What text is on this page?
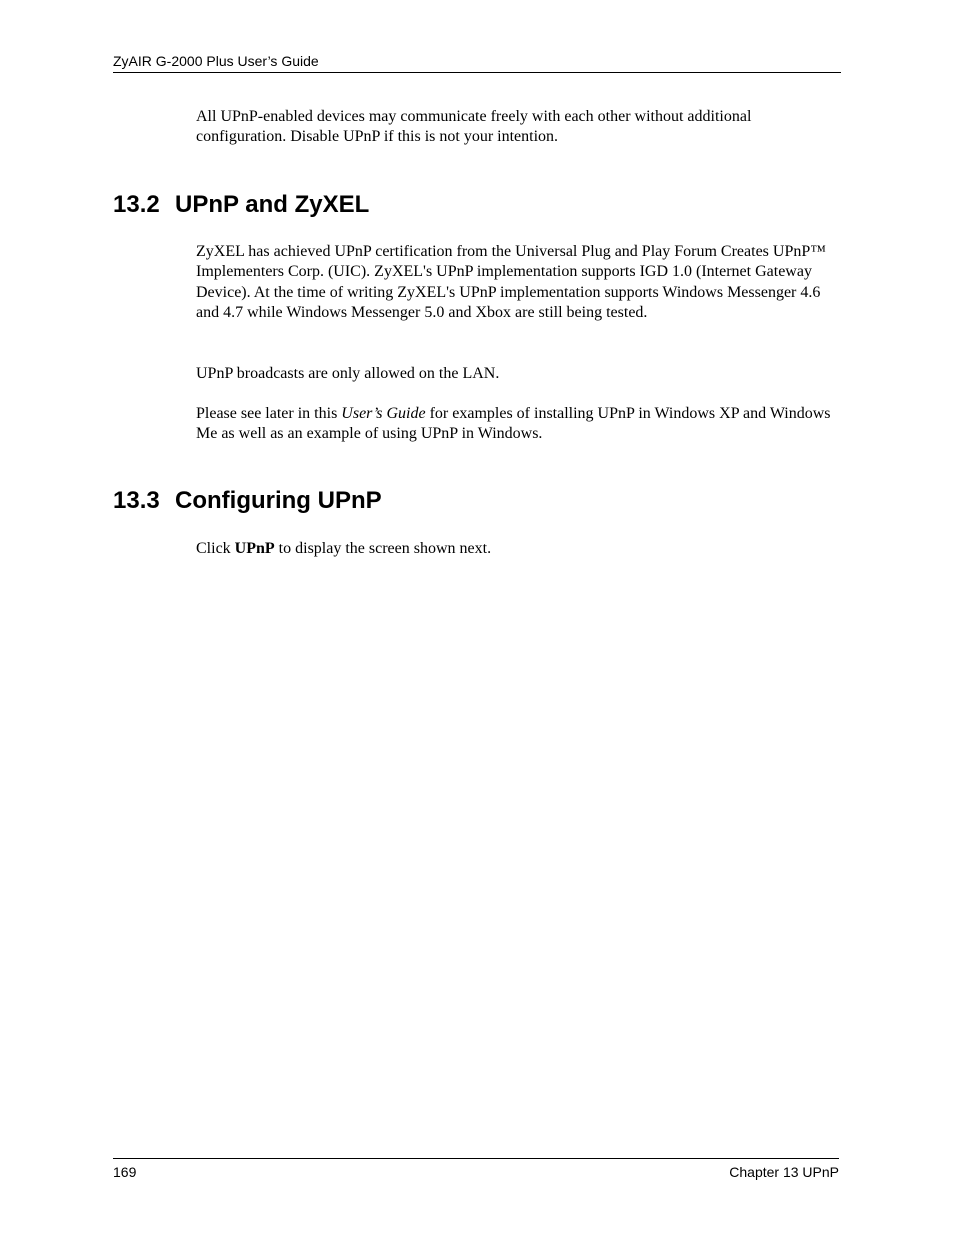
ZyAIR G-2000 Plus User’s Guide

All UPnP-enabled devices may communicate freely with each other without additional configuration. Disable UPnP if this is not your intention.

13.2 UPnP and ZyXEL

ZyXEL has achieved UPnP certification from the Universal Plug and Play Forum Creates UPnP™ Implementers Corp. (UIC). ZyXEL's UPnP implementation supports IGD 1.0 (Internet Gateway Device). At the time of writing ZyXEL's UPnP implementation supports Windows Messenger 4.6 and 4.7 while Windows Messenger 5.0 and Xbox are still being tested.

UPnP broadcasts are only allowed on the LAN.

Please see later in this User’s Guide for examples of installing UPnP in Windows XP and Windows Me as well as an example of using UPnP in Windows.

13.3 Configuring UPnP

Click UPnP to display the screen shown next.

169	Chapter 13 UPnP
